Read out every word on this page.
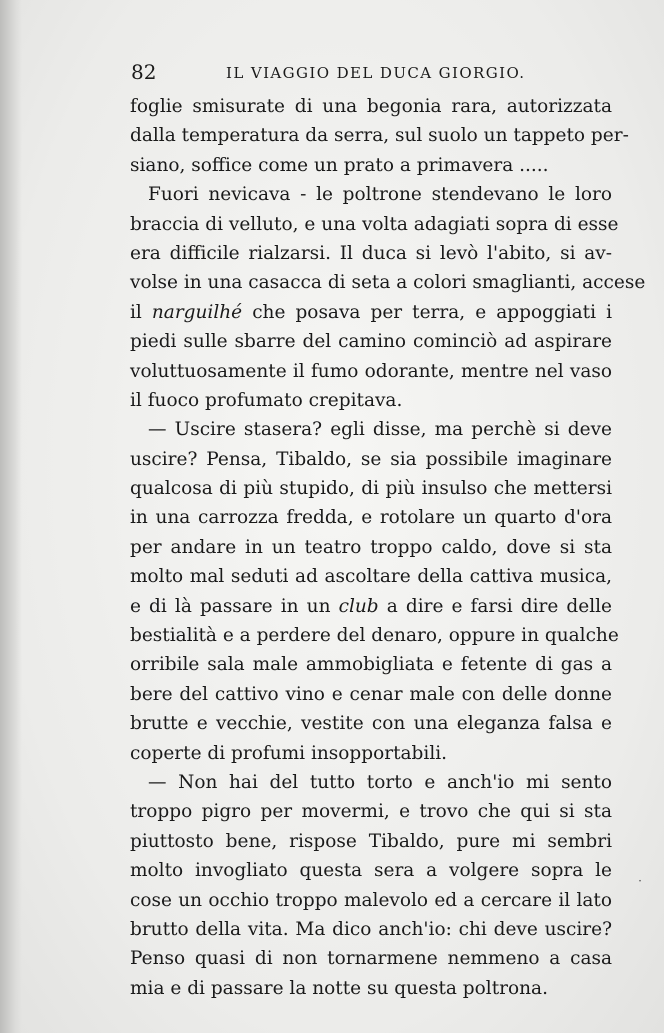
82	IL VIAGGIO DEL DUCA GIORGIO.
foglie smisurate di una begonia rara, autorizzata
dalla temperatura da serra, sul suolo un tappeto per-
siano, soffice come un prato a primavera .....
Fuori nevicava - le poltrone stendevano le loro
braccia di velluto, e una volta adagiati sopra di esse
era difficile rialzarsi. Il duca si levò l'abito, si av-
volse in una casacca di seta a colori smaglianti, accese
il narguilhé che posava per terra, e appoggiati i
piedi sulle sbarre del camino cominciò ad aspirare
voluttuosamente il fumo odorante, mentre nel vaso
il fuoco profumato crepitava.
— Uscire stasera? egli disse, ma perchè si deve
uscire? Pensa, Tibaldo, se sia possibile imaginare
qualcosa di più stupido, di più insulso che mettersi
in una carrozza fredda, e rotolare un quarto d'ora
per andare in un teatro troppo caldo, dove si sta
molto mal seduti ad ascoltare della cattiva musica,
e di là passare in un club a dire e farsi dire delle
bestialità e a perdere del denaro, oppure in qualche
orribile sala male ammobigliata e fetente di gas a
bere del cattivo vino e cenar male con delle donne
brutte e vecchie, vestite con una eleganza falsa e
coperte di profumi insopportabili.
— Non hai del tutto torto e anch'io mi sento
troppo pigro per movermi, e trovo che qui si sta
piuttosto bene, rispose Tibaldo, pure mi sembri
molto invogliato questa sera a volgere sopra le
cose un occhio troppo malevolo ed a cercare il lato
brutto della vita. Ma dico anch'io: chi deve uscire?
Penso quasi di non tornarmene nemmeno a casa
mia e di passare la notte su questa poltrona.
·
